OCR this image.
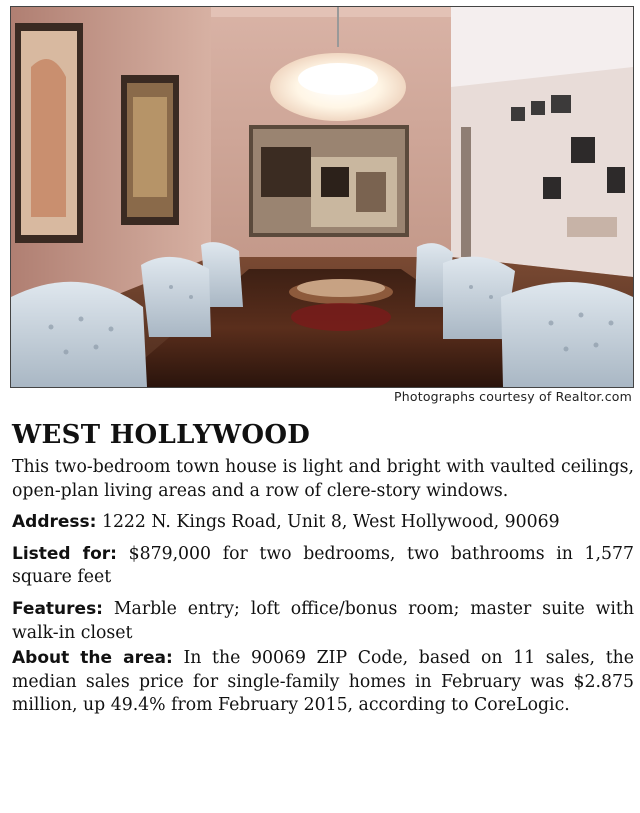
Photographs courtesy of Realtor.com
WEST HOLLYWOOD

This two-bedroom town house is light and bright with vaulted ceilings, open-plan living areas and a row of clere-story windows.

Address: 1222 N. Kings Road, Unit 8, West Hollywood, 90069

Listed for: $879,000 for two bedrooms, two bathrooms in 1,577 square feet

Features: Marble entry; loft office/bonus room; master suite with walk-in closet

About the area: In the 90069 ZIP Code, based on 11 sales, the median sales price for single-family homes in February was $2.875 million, up 49.4% from February 2015, according to CoreLogic.
